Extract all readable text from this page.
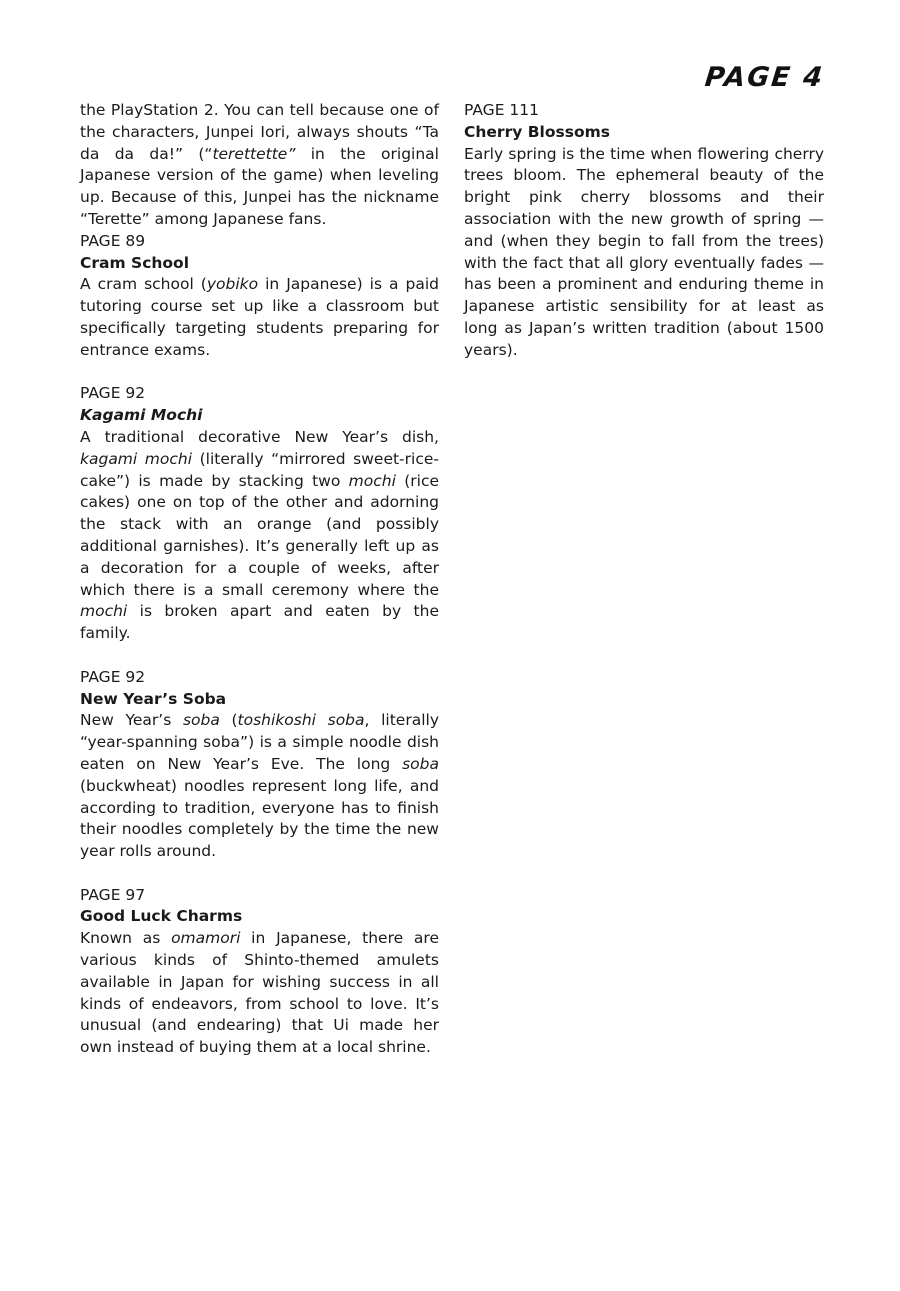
PAGE 4

the PlayStation 2. You can tell because one of the characters, Junpei Iori, always shouts “Ta da da da!” (“terettette” in the original Japanese version of the game) when leveling up. Because of this, Junpei has the nickname “Terette” among Japanese fans.

PAGE 89

Cram School

A cram school (yobiko in Japanese) is a paid tutoring course set up like a classroom but specifically targeting students preparing for entrance exams.

PAGE 92

Kagami Mochi

A traditional decorative New Year’s dish, kagami mochi (literally “mirrored sweet-rice-cake”) is made by stacking two mochi (rice cakes) one on top of the other and adorning the stack with an orange (and possibly additional garnishes). It’s generally left up as a decoration for a couple of weeks, after which there is a small ceremony where the mochi is broken apart and eaten by the family.

PAGE 92

New Year’s Soba

New Year’s soba (toshikoshi soba, literally “year-spanning soba”) is a simple noodle dish eaten on New Year’s Eve. The long soba (buckwheat) noodles represent long life, and according to tradition, everyone has to finish their noodles completely by the time the new year rolls around.

PAGE 97

Good Luck Charms

Known as omamori in Japanese, there are various kinds of Shinto-themed amulets available in Japan for wishing success in all kinds of endeavors, from school to love. It’s unusual (and endearing) that Ui made her own instead of buying them at a local shrine.

PAGE 111

Cherry Blossoms

Early spring is the time when flowering cherry trees bloom. The ephemeral beauty of the bright pink cherry blossoms and their association with the new growth of spring — and (when they begin to fall from the trees) with the fact that all glory eventually fades — has been a prominent and enduring theme in Japanese artistic sensibility for at least as long as Japan’s written tradition (about 1500 years).
